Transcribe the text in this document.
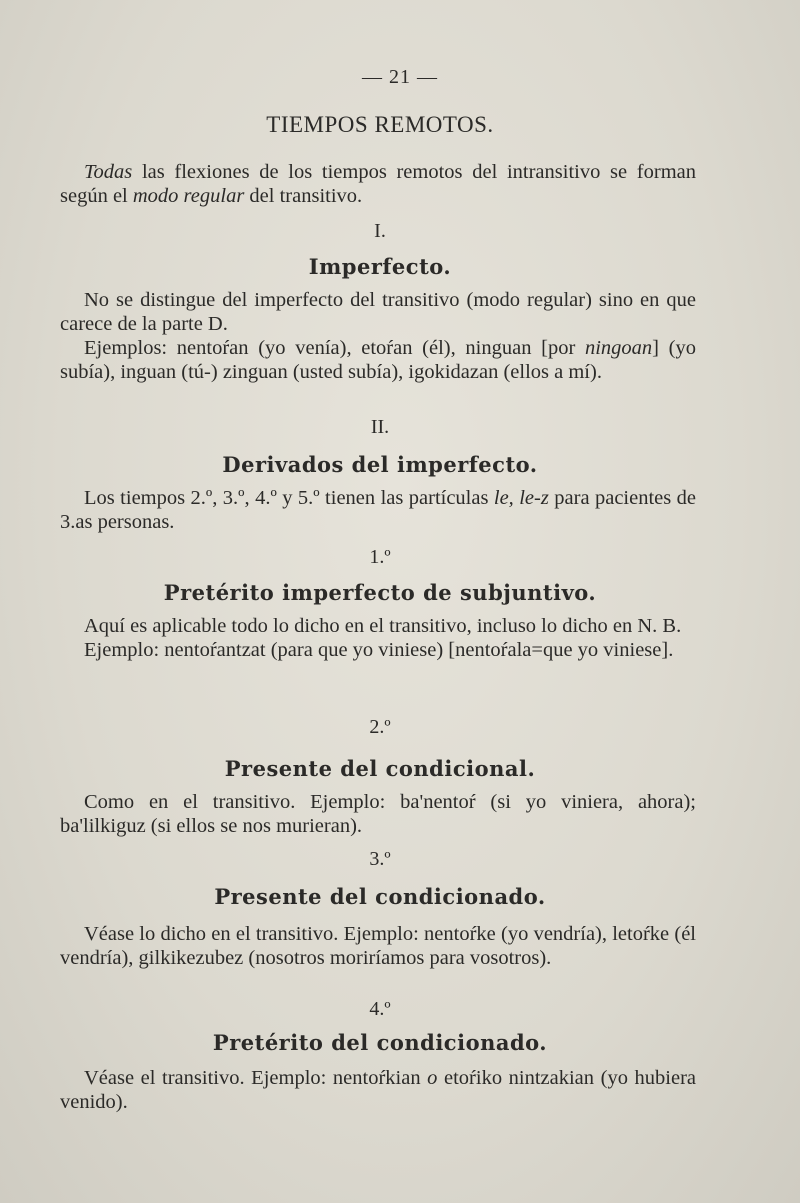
— 21 —
TIEMPOS REMOTOS.
Todas las flexiones de los tiempos remotos del intransitivo se forman según el modo regular del transitivo.
I.
Imperfecto.
No se distingue del imperfecto del transitivo (modo regular) sino en que carece de la parte D.
Ejemplos: nentoŕan (yo venía), etoŕan (él), ninguan [por ningoan] (yo subía), inguan (tú-) zinguan (usted subía), igokidazan (ellos a mí).
II.
Derivados del imperfecto.
Los tiempos 2.º, 3.º, 4.º y 5.º tienen las partículas le, le-z para pacientes de 3.as personas.
1.º
Pretérito imperfecto de subjuntivo.
Aquí es aplicable todo lo dicho en el transitivo, incluso lo dicho en N. B.
Ejemplo: nentoŕantzat (para que yo viniese) [nentoŕala=que yo viniese].
2.º
Presente del condicional.
Como en el transitivo. Ejemplo: ba'nentoŕ (si yo viniera, ahora); ba'lilkiguz (si ellos se nos murieran).
3.º
Presente del condicionado.
Véase lo dicho en el transitivo. Ejemplo: nentoŕke (yo vendría), letoŕke (él vendría), gilkikezubez (nosotros moriríamos para vosotros).
4.º
Pretérito del condicionado.
Véase el transitivo. Ejemplo: nentoŕkian o etoŕiko nintzakian (yo hubiera venido).
